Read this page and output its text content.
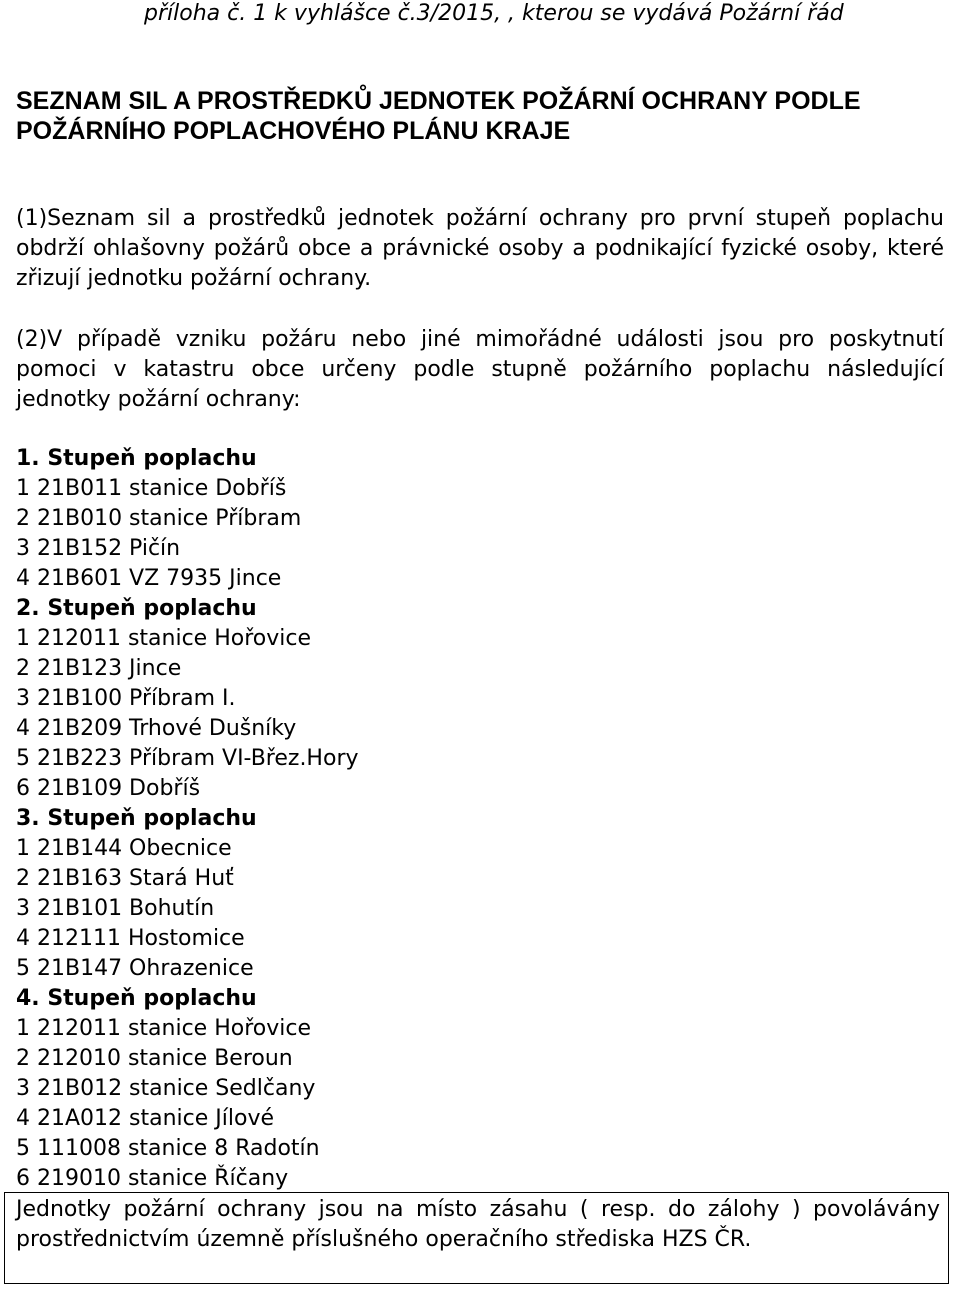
příloha č. 1 k vyhlášce č.3/2015, , kterou se vydává Požární řád
SEZNAM SIL A PROSTŘEDKŮ JEDNOTEK POŽÁRNÍ OCHRANY PODLE POŽÁRNÍHO POPLACHOVÉHO PLÁNU KRAJE
(1)Seznam sil a prostředků jednotek požární ochrany pro první stupeň poplachu obdrží ohlašovny požárů obce a právnické osoby a podnikající fyzické osoby, které zřizují jednotku požární ochrany.
(2)V případě vzniku požáru nebo jiné mimořádné události jsou pro poskytnutí pomoci v katastru obce určeny podle stupně požárního poplachu následující jednotky požární ochrany:
1. Stupeň poplachu
1 21B011 stanice Dobříš
2 21B010 stanice Příbram
3 21B152 Pičín
4 21B601 VZ 7935 Jince
2. Stupeň poplachu
1 212011 stanice Hořovice
2 21B123 Jince
3 21B100 Příbram I.
4 21B209 Trhové Dušníky
5 21B223 Příbram VI-Břez.Hory
6 21B109 Dobříš
3. Stupeň poplachu
1 21B144 Obecnice
2 21B163 Stará Huť
3 21B101 Bohutín
4 212111 Hostomice
5 21B147 Ohrazenice
4. Stupeň poplachu
1 212011 stanice Hořovice
2 212010 stanice Beroun
3 21B012 stanice Sedlčany
4 21A012 stanice Jílové
5 111008 stanice 8 Radotín
6 219010 stanice Říčany
Jednotky požární ochrany jsou na místo zásahu ( resp. do zálohy ) povolávány prostřednictvím územně příslušného operačního střediska HZS ČR.
